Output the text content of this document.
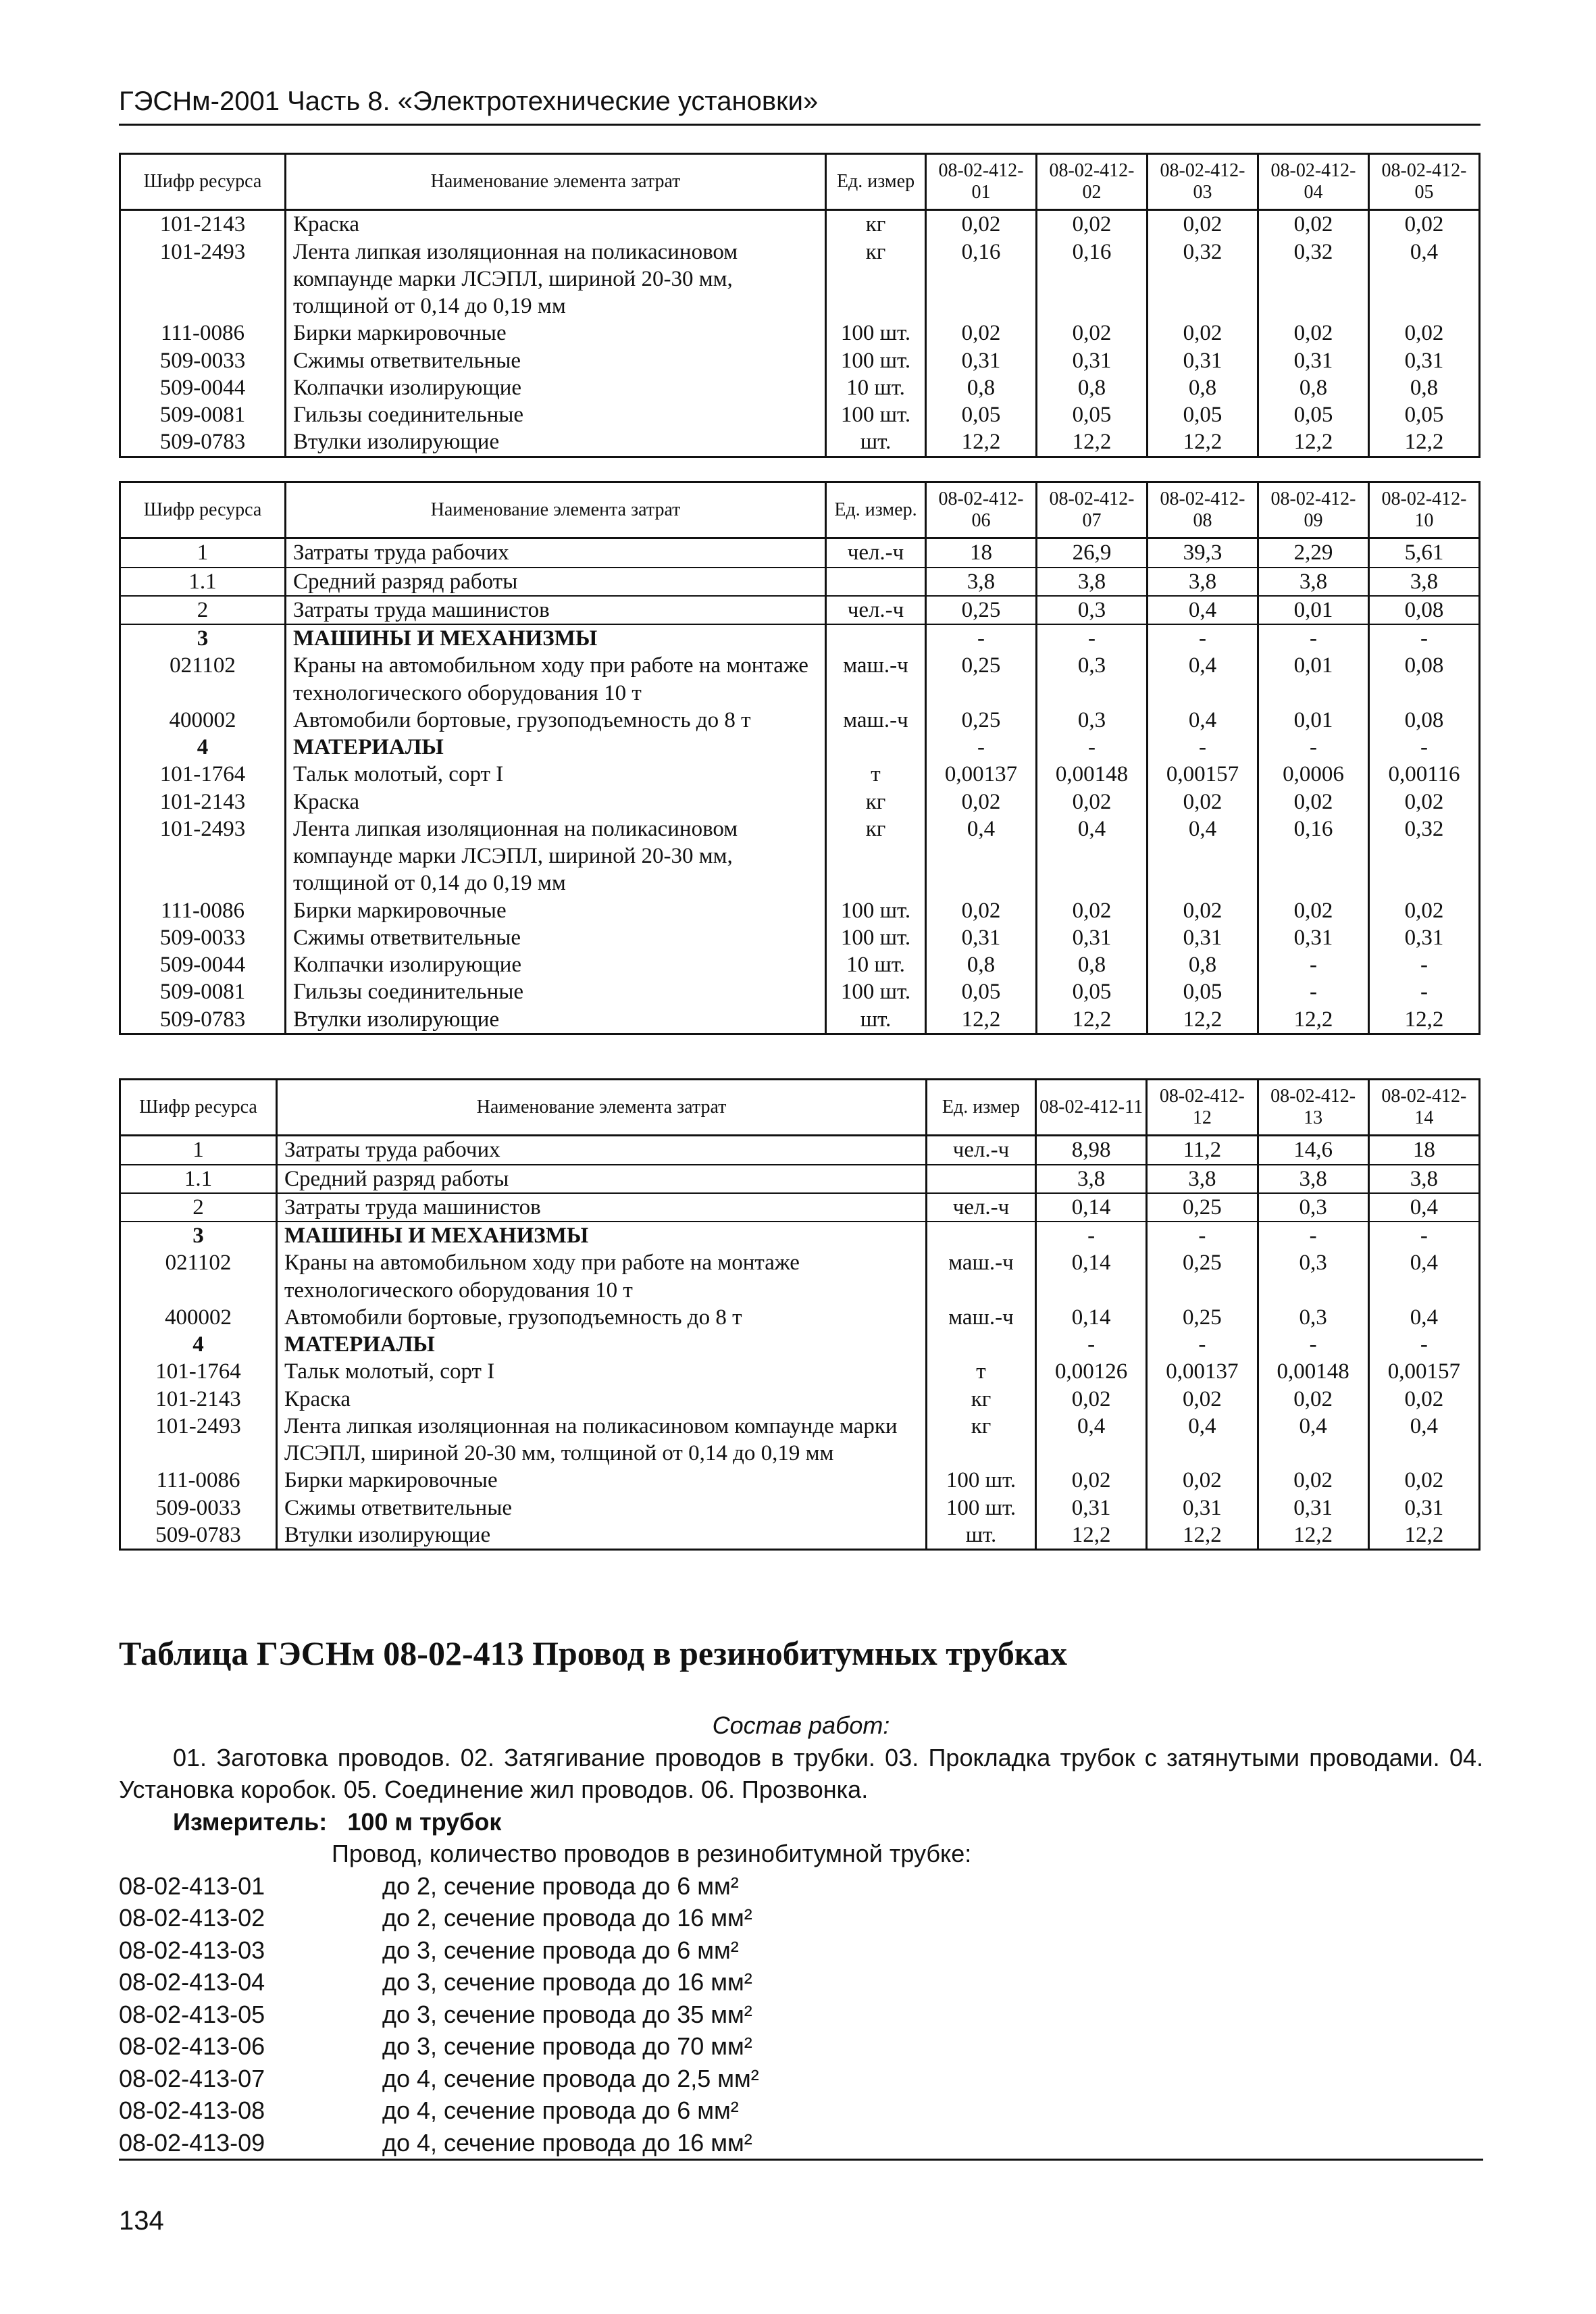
ГЭСНм-2001 Часть 8. «Электротехнические установки»
Шифр ресурса	Наименование элемента затрат	Ед. измер	08-02-412-01	08-02-412-02	08-02-412-03	08-02-412-04	08-02-412-05
101-2143	Краска	кг	0,02	0,02	0,02	0,02	0,02
101-2493	Лента липкая изоляционная на поликасиновом компаунде марки ЛСЭПЛ, шириной 20-30 мм, толщиной от 0,14 до 0,19 мм	кг	0,16	0,16	0,32	0,32	0,4
111-0086	Бирки маркировочные	100 шт.	0,02	0,02	0,02	0,02	0,02
509-0033	Сжимы ответвительные	100 шт.	0,31	0,31	0,31	0,31	0,31
509-0044	Колпачки изолирующие	10 шт.	0,8	0,8	0,8	0,8	0,8
509-0081	Гильзы соединительные	100 шт.	0,05	0,05	0,05	0,05	0,05
509-0783	Втулки изолирующие	шт.	12,2	12,2	12,2	12,2	12,2
Шифр ресурса	Наименование элемента затрат	Ед. измер.	08-02-412-06	08-02-412-07	08-02-412-08	08-02-412-09	08-02-412-10
1	Затраты труда рабочих	чел.-ч	18	26,9	39,3	2,29	5,61
1.1	Средний разряд работы		3,8	3,8	3,8	3,8	3,8
2	Затраты труда машинистов	чел.-ч	0,25	0,3	0,4	0,01	0,08
3	МАШИНЫ И МЕХАНИЗМЫ		-	-	-	-	-
021102	Краны на автомобильном ходу при работе на монтаже технологического оборудования 10 т	маш.-ч	0,25	0,3	0,4	0,01	0,08
400002	Автомобили бортовые, грузоподъемность до 8 т	маш.-ч	0,25	0,3	0,4	0,01	0,08
4	МАТЕРИАЛЫ		-	-	-	-	-
101-1764	Тальк молотый, сорт I	т	0,00137	0,00148	0,00157	0,0006	0,00116
101-2143	Краска	кг	0,02	0,02	0,02	0,02	0,02
101-2493	Лента липкая изоляционная на поликасиновом компаунде марки ЛСЭПЛ, шириной 20-30 мм, толщиной от 0,14 до 0,19 мм	кг	0,4	0,4	0,4	0,16	0,32
111-0086	Бирки маркировочные	100 шт.	0,02	0,02	0,02	0,02	0,02
509-0033	Сжимы ответвительные	100 шт.	0,31	0,31	0,31	0,31	0,31
509-0044	Колпачки изолирующие	10 шт.	0,8	0,8	0,8	-	-
509-0081	Гильзы соединительные	100 шт.	0,05	0,05	0,05	-	-
509-0783	Втулки изолирующие	шт.	12,2	12,2	12,2	12,2	12,2
Шифр ресурса	Наименование элемента затрат	Ед. измер	08-02-412-11	08-02-412-12	08-02-412-13	08-02-412-14
1	Затраты труда рабочих	чел.-ч	8,98	11,2	14,6	18
1.1	Средний разряд работы		3,8	3,8	3,8	3,8
2	Затраты труда машинистов	чел.-ч	0,14	0,25	0,3	0,4
3	МАШИНЫ И МЕХАНИЗМЫ		-	-	-	-
021102	Краны на автомобильном ходу при работе на монтаже технологического оборудования 10 т	маш.-ч	0,14	0,25	0,3	0,4
400002	Автомобили бортовые, грузоподъемность до 8 т	маш.-ч	0,14	0,25	0,3	0,4
4	МАТЕРИАЛЫ		-	-	-	-
101-1764	Тальк молотый, сорт I	т	0,00126	0,00137	0,00148	0,00157
101-2143	Краска	кг	0,02	0,02	0,02	0,02
101-2493	Лента липкая изоляционная на поликасиновом компаунде марки ЛСЭПЛ, шириной 20-30 мм, толщиной от 0,14 до 0,19 мм	кг	0,4	0,4	0,4	0,4
111-0086	Бирки маркировочные	100 шт.	0,02	0,02	0,02	0,02
509-0033	Сжимы ответвительные	100 шт.	0,31	0,31	0,31	0,31
509-0783	Втулки изолирующие	шт.	12,2	12,2	12,2	12,2
Таблица ГЭСНм 08-02-413 Провод в резинобитумных трубках
Состав работ:
01. Заготовка проводов. 02. Затягивание проводов в трубки. 03. Прокладка трубок с затянутыми проводами. 04. Установка коробок. 05. Соединение жил проводов. 06. Прозвонка.
Измеритель: 100 м трубок
Провод, количество проводов в резинобитумной трубке:
08-02-413-01	до 2, сечение провода до 6 мм²
08-02-413-02	до 2, сечение провода до 16 мм²
08-02-413-03	до 3, сечение провода до 6 мм²
08-02-413-04	до 3, сечение провода до 16 мм²
08-02-413-05	до 3, сечение провода до 35 мм²
08-02-413-06	до 3, сечение провода до 70 мм²
08-02-413-07	до 4, сечение провода до 2,5 мм²
08-02-413-08	до 4, сечение провода до 6 мм²
08-02-413-09	до 4, сечение провода до 16 мм²
134
